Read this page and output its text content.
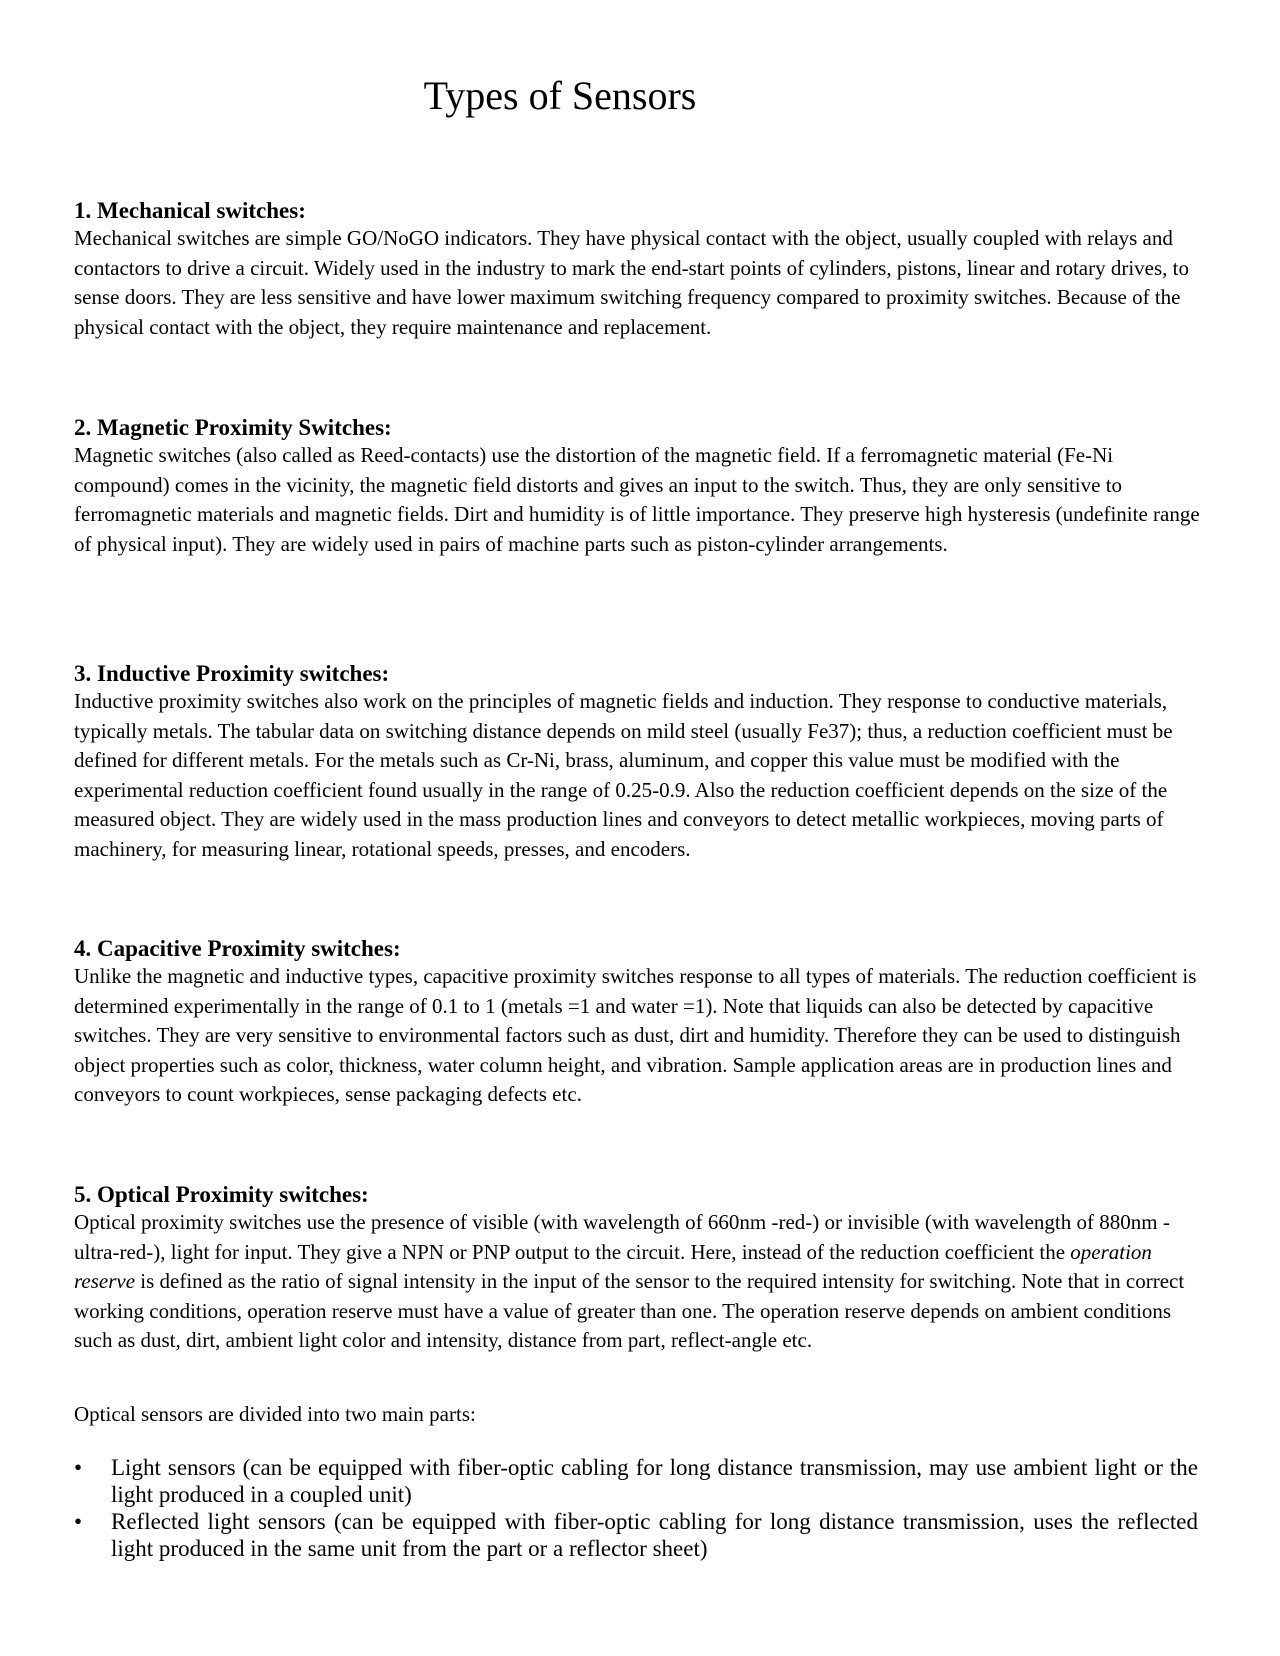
Types of Sensors
1. Mechanical switches:

Mechanical switches are simple GO/NoGO indicators. They have physical contact with the object, usually coupled with relays and contactors to drive a circuit. Widely used in the industry to mark the end-start points of cylinders, pistons, linear and rotary drives, to sense doors. They are less sensitive and have lower maximum switching frequency compared to proximity switches. Because of the physical contact with the object, they require maintenance and replacement.

2. Magnetic Proximity Switches:

Magnetic switches (also called as Reed-contacts) use the distortion of the magnetic field. If a ferromagnetic material (Fe-Ni compound) comes in the vicinity, the magnetic field distorts and gives an input to the switch. Thus, they are only sensitive to ferromagnetic materials and magnetic fields. Dirt and humidity is of little importance. They preserve high hysteresis (undefinite range of physical input). They are widely used in pairs of machine parts such as piston-cylinder arrangements.

3. Inductive Proximity switches:

Inductive proximity switches also work on the principles of magnetic fields and induction. They response to conductive materials, typically metals. The tabular data on switching distance depends on mild steel (usually Fe37); thus, a reduction coefficient must be defined for different metals. For the metals such as Cr-Ni, brass, aluminum, and copper this value must be modified with the experimental reduction coefficient found usually in the range of 0.25-0.9. Also the reduction coefficient depends on the size of the measured object. They are widely used in the mass production lines and conveyors to detect metallic workpieces, moving parts of machinery, for measuring linear, rotational speeds, presses, and encoders.

4. Capacitive Proximity switches:

Unlike the magnetic and inductive types, capacitive proximity switches response to all types of materials. The reduction coefficient is determined experimentally in the range of 0.1 to 1 (metals =1 and water =1). Note that liquids can also be detected by capacitive switches. They are very sensitive to environmental factors such as dust, dirt and humidity. Therefore they can be used to distinguish object properties such as color, thickness, water column height, and vibration. Sample application areas are in production lines and conveyors to count workpieces, sense packaging defects etc.

5. Optical Proximity switches:

Optical proximity switches use the presence of visible (with wavelength of 660nm -red-) or invisible (with wavelength of 880nm -ultra-red-), light for input. They give a NPN or PNP output to the circuit. Here, instead of the reduction coefficient the operation reserve is defined as the ratio of signal intensity in the input of the sensor to the required intensity for switching. Note that in correct working conditions, operation reserve must have a value of greater than one. The operation reserve depends on ambient conditions such as dust, dirt, ambient light color and intensity, distance from part, reflect-angle etc.

Optical sensors are divided into two main parts:

• Light sensors (can be equipped with fiber-optic cabling for long distance transmission, may use ambient light or the light produced in a coupled unit)
• Reflected light sensors (can be equipped with fiber-optic cabling for long distance transmission, uses the reflected light produced in the same unit from the part or a reflector sheet)
